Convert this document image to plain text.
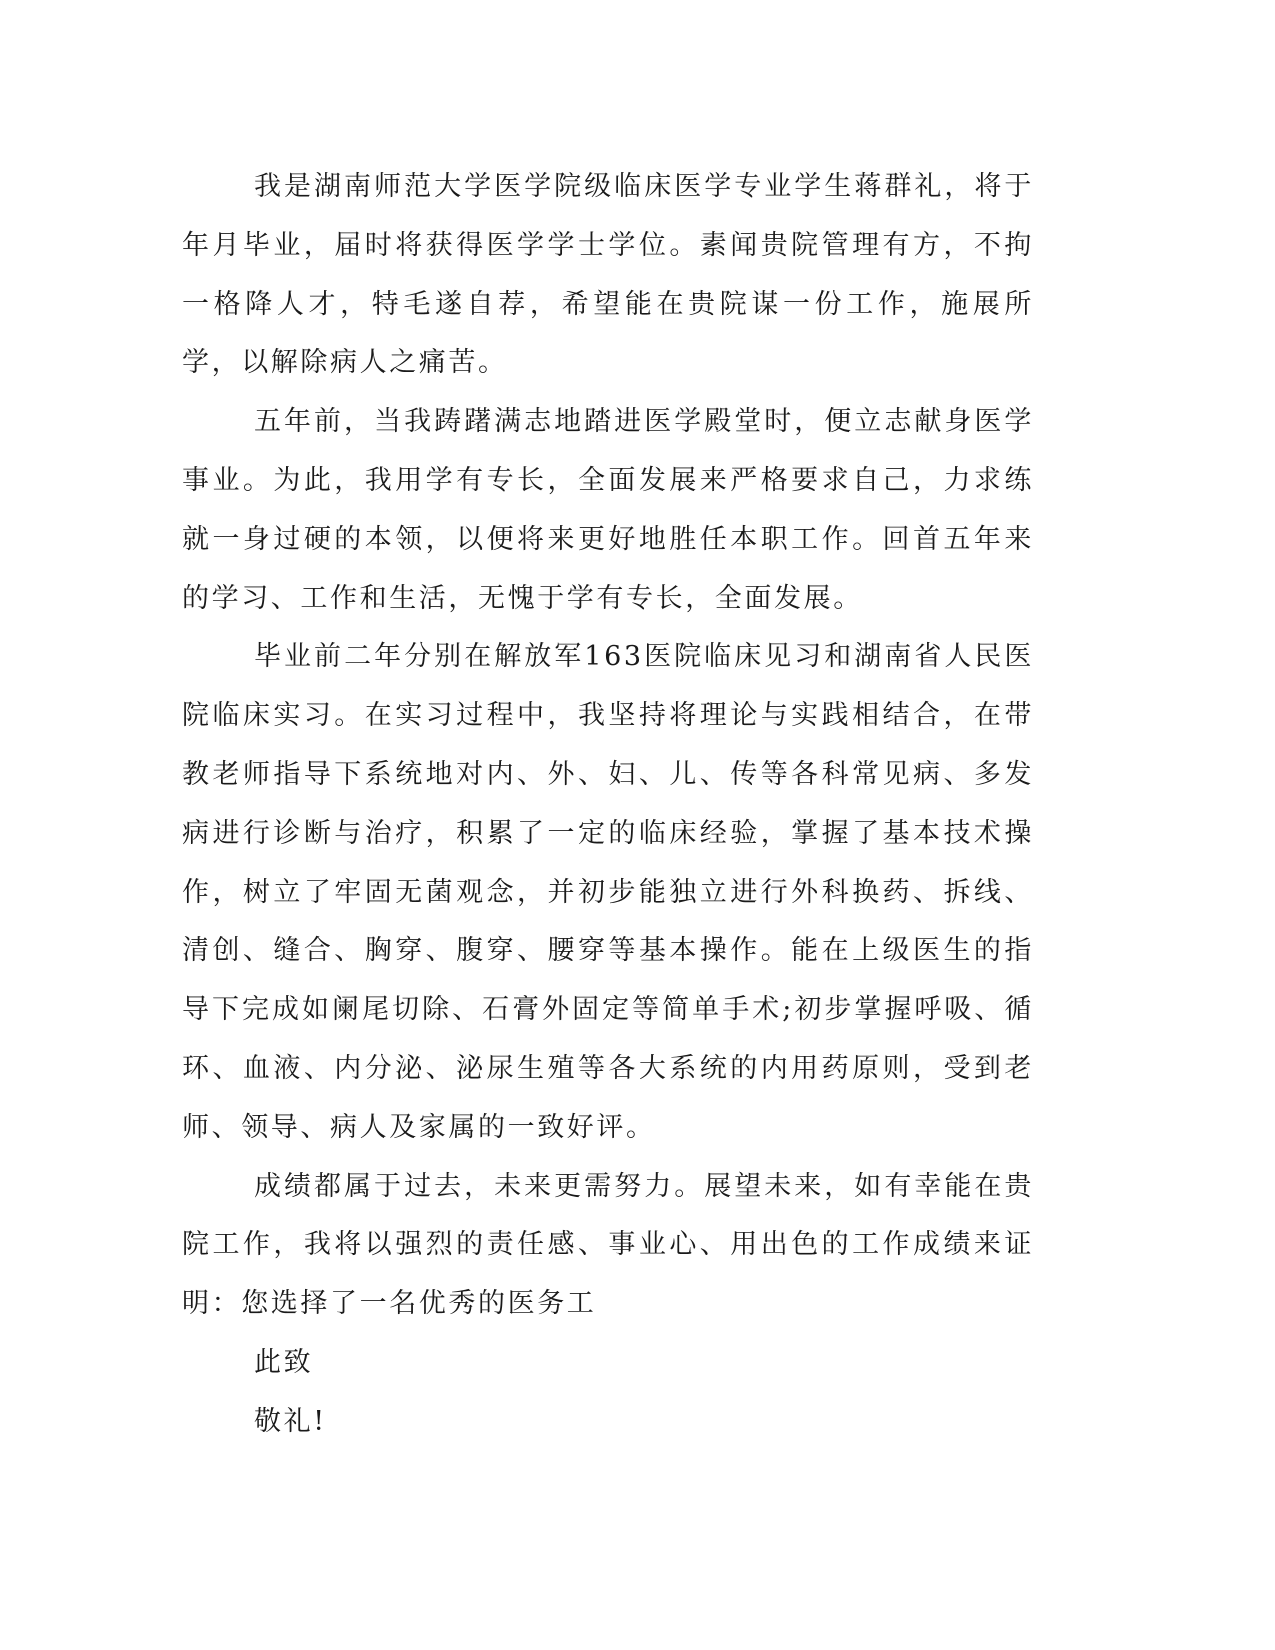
我是湖南师范大学医学院级临床医学专业学生蒋群礼，将于年月毕业，届时将获得医学学士学位。素闻贵院管理有方，不拘一格降人才，特毛遂自荐，希望能在贵院谋一份工作，施展所学，以解除病人之痛苦。

五年前，当我踌躇满志地踏进医学殿堂时，便立志献身医学事业。为此，我用学有专长，全面发展来严格要求自己，力求练就一身过硬的本领，以便将来更好地胜任本职工作。回首五年来的学习、工作和生活，无愧于学有专长，全面发展。

毕业前二年分别在解放军163医院临床见习和湖南省人民医院临床实习。在实习过程中，我坚持将理论与实践相结合，在带教老师指导下系统地对内、外、妇、儿、传等各科常见病、多发病进行诊断与治疗，积累了一定的临床经验，掌握了基本技术操作，树立了牢固无菌观念，并初步能独立进行外科换药、拆线、清创、缝合、胸穿、腹穿、腰穿等基本操作。能在上级医生的指导下完成如阑尾切除、石膏外固定等简单手术;初步掌握呼吸、循环、血液、内分泌、泌尿生殖等各大系统的内用药原则，受到老师、领导、病人及家属的一致好评。

成绩都属于过去，未来更需努力。展望未来，如有幸能在贵院工作，我将以强烈的责任感、事业心、用出色的工作成绩来证明：您选择了一名优秀的医务工

此致

敬礼!
